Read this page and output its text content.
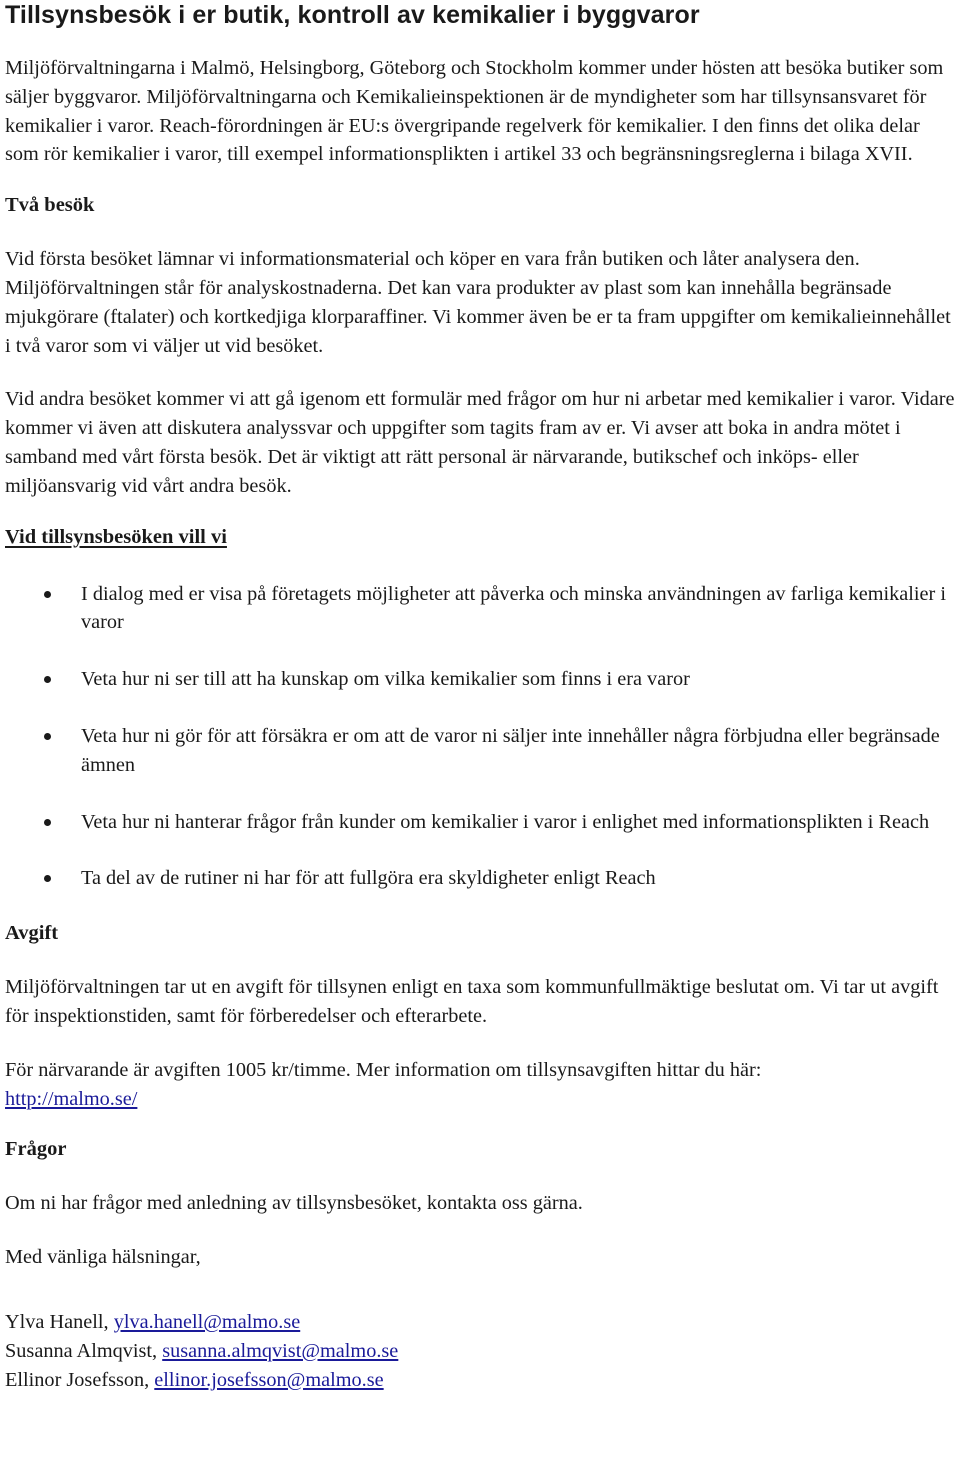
Tillsynsbesök i er butik, kontroll av kemikalier i byggvaror

Miljöförvaltningarna i Malmö, Helsingborg, Göteborg och Stockholm kommer under hösten att besöka butiker som säljer byggvaror. Miljöförvaltningarna och Kemikalieinspektionen är de myndigheter som har tillsynsansvaret för kemikalier i varor. Reach-förordningen är EU:s övergripande regelverk för kemikalier. I den finns det olika delar som rör kemikalier i varor, till exempel informationsplikten i artikel 33 och begränsningsreglerna i bilaga XVII.

Två besök

Vid första besöket lämnar vi informationsmaterial och köper en vara från butiken och låter analysera den. Miljöförvaltningen står för analyskostnaderna. Det kan vara produkter av plast som kan innehålla begränsade mjukgörare (ftalater) och kortkedjiga klorparaffiner. Vi kommer även be er ta fram uppgifter om kemikalieinnehållet i två varor som vi väljer ut vid besöket.

Vid andra besöket kommer vi att gå igenom ett formulär med frågor om hur ni arbetar med kemikalier i varor. Vidare kommer vi även att diskutera analyssvar och uppgifter som tagits fram av er. Vi avser att boka in andra mötet i samband med vårt första besök. Det är viktigt att rätt personal är närvarande, butikschef och inköps- eller miljöansvarig vid vårt andra besök.

Vid tillsynsbesöken vill vi
I dialog med er visa på företagets möjligheter att påverka och minska användningen av farliga kemikalier i varor
Veta hur ni ser till att ha kunskap om vilka kemikalier som finns i era varor
Veta hur ni gör för att försäkra er om att de varor ni säljer inte innehåller några förbjudna eller begränsade ämnen
Veta hur ni hanterar frågor från kunder om kemikalier i varor i enlighet med informationsplikten i Reach
Ta del av de rutiner ni har för att fullgöra era skyldigheter enligt Reach
Avgift

Miljöförvaltningen tar ut en avgift för tillsynen enligt en taxa som kommunfullmäktige beslutat om. Vi tar ut avgift för inspektionstiden, samt för förberedelser och efterarbete.

För närvarande är avgiften 1005 kr/timme. Mer information om tillsynsavgiften hittar du här:
http://malmo.se/

Frågor

Om ni har frågor med anledning av tillsynsbesöket, kontakta oss gärna.

Med vänliga hälsningar,

Ylva Hanell, ylva.hanell@malmo.se

Susanna Almqvist, susanna.almqvist@malmo.se

Ellinor Josefsson, ellinor.josefsson@malmo.se
